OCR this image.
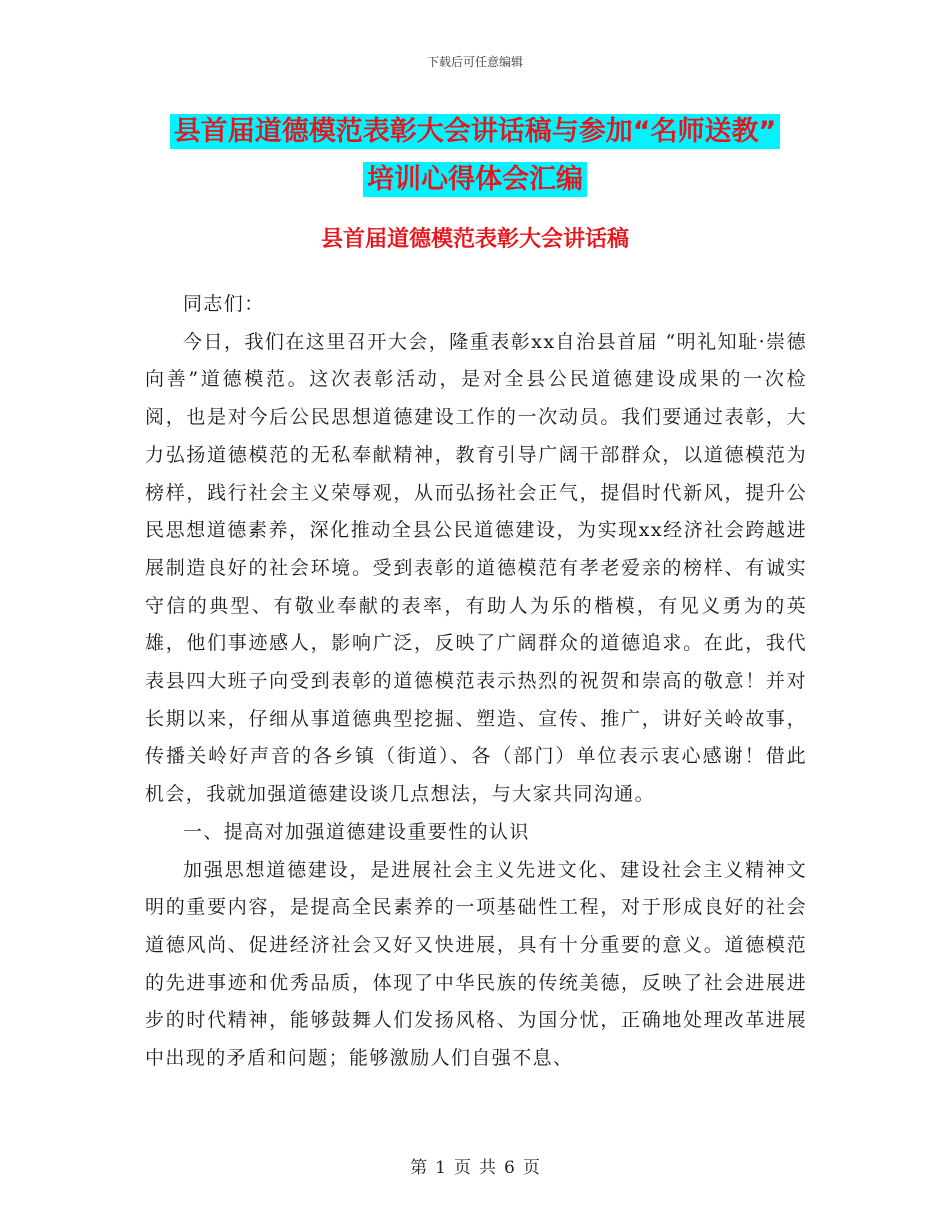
下载后可任意编辑
县首届道德模范表彰大会讲话稿与参加“名师送教”
培训心得体会汇编
县首届道德模范表彰大会讲话稿

同志们：

今日，我们在这里召开大会，隆重表彰xx自治县首届 “明礼知耻·崇德向善”道德模范。这次表彰活动，是对全县公民道德建设成果的一次检阅，也是对今后公民思想道德建设工作的一次动员。我们要通过表彰，大力弘扬道德模范的无私奉献精神，教育引导广阔干部群众，以道德模范为榜样，践行社会主义荣辱观，从而弘扬社会正气，提倡时代新风，提升公民思想道德素养，深化推动全县公民道德建设，为实现xx经济社会跨越进展制造良好的社会环境。受到表彰的道德模范有孝老爱亲的榜样、有诚实守信的典型、有敬业奉献的表率，有助人为乐的楷模，有见义勇为的英雄，他们事迹感人，影响广泛，反映了广阔群众的道德追求。在此，我代表县四大班子向受到表彰的道德模范表示热烈的祝贺和崇高的敬意！并对长期以来，仔细从事道德典型挖掘、塑造、宣传、推广，讲好关岭故事，传播关岭好声音的各乡镇（街道）、各（部门）单位表示衷心感谢！借此机会，我就加强道德建设谈几点想法，与大家共同沟通。

一、提高对加强道德建设重要性的认识

加强思想道德建设，是进展社会主义先进文化、建设社会主义精神文明的重要内容，是提高全民素养的一项基础性工程，对于形成良好的社会道德风尚、促进经济社会又好又快进展，具有十分重要的意义。道德模范的先进事迹和优秀品质，体现了中华民族的传统美德，反映了社会进展进步的时代精神，能够鼓舞人们发扬风格、为国分忧，正确地处理改革进展中出现的矛盾和问题；能够激励人们自强不息、

第 1 页 共 6 页
